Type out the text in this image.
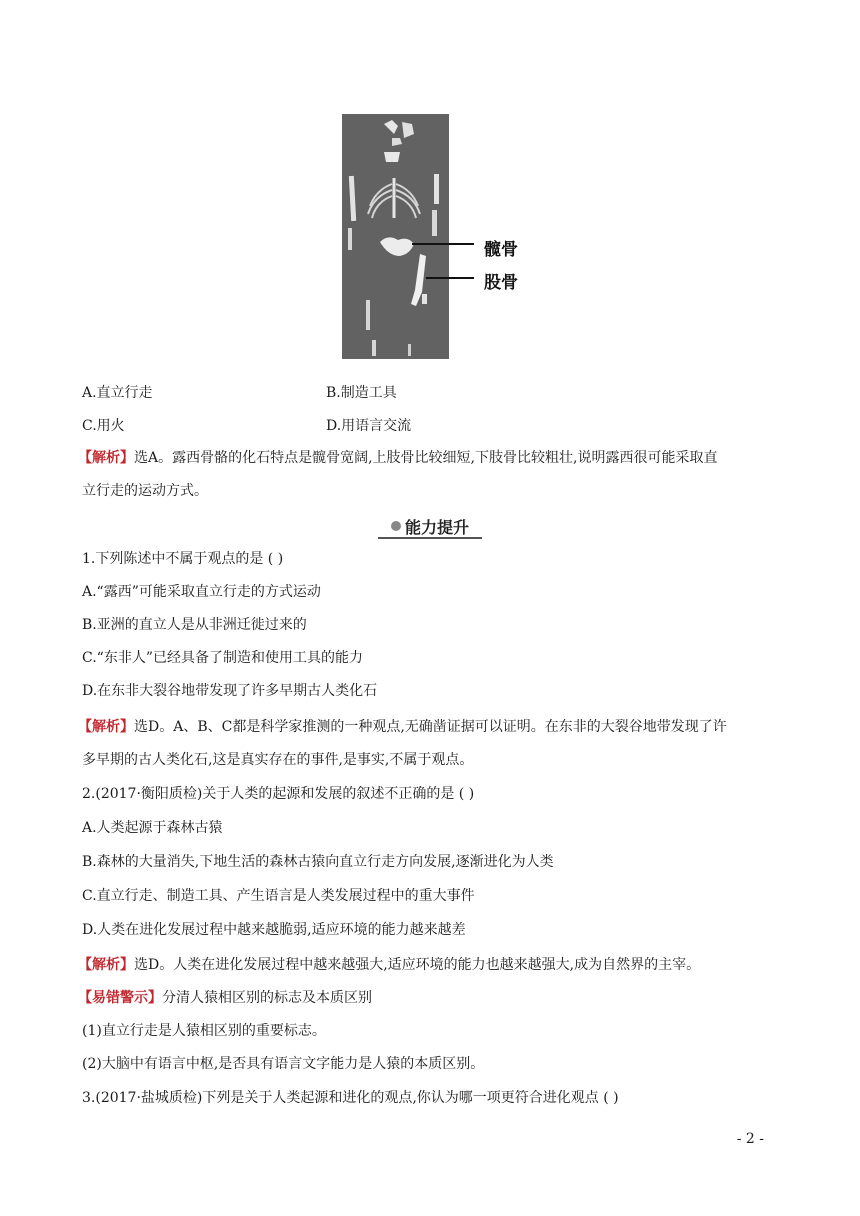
髋骨
股骨
A.直立行走	B.制造工具
C.用火	D.用语言交流
【解析】选A。露西骨骼的化石特点是髋骨宽阔,上肢骨比较细短,下肢骨比较粗壮,说明露西很可能采取直
立行走的运动方式。
能力提升
1.下列陈述中不属于观点的是 ( )
A.“露西”可能采取直立行走的方式运动
B.亚洲的直立人是从非洲迁徙过来的
C.“东非人”已经具备了制造和使用工具的能力
D.在东非大裂谷地带发现了许多早期古人类化石
【解析】选D。A、B、C都是科学家推测的一种观点,无确凿证据可以证明。在东非的大裂谷地带发现了许
多早期的古人类化石,这是真实存在的事件,是事实,不属于观点。
2.(2017·衡阳质检)关于人类的起源和发展的叙述不正确的是 ( )
A.人类起源于森林古猿
B.森林的大量消失,下地生活的森林古猿向直立行走方向发展,逐渐进化为人类
C.直立行走、制造工具、产生语言是人类发展过程中的重大事件
D.人类在进化发展过程中越来越脆弱,适应环境的能力越来越差
【解析】选D。人类在进化发展过程中越来越强大,适应环境的能力也越来越强大,成为自然界的主宰。
【易错警示】分清人猿相区别的标志及本质区别
(1)直立行走是人猿相区别的重要标志。
(2)大脑中有语言中枢,是否具有语言文字能力是人猿的本质区别。
3.(2017·盐城质检)下列是关于人类起源和进化的观点,你认为哪一项更符合进化观点 ( )
- 2 -
